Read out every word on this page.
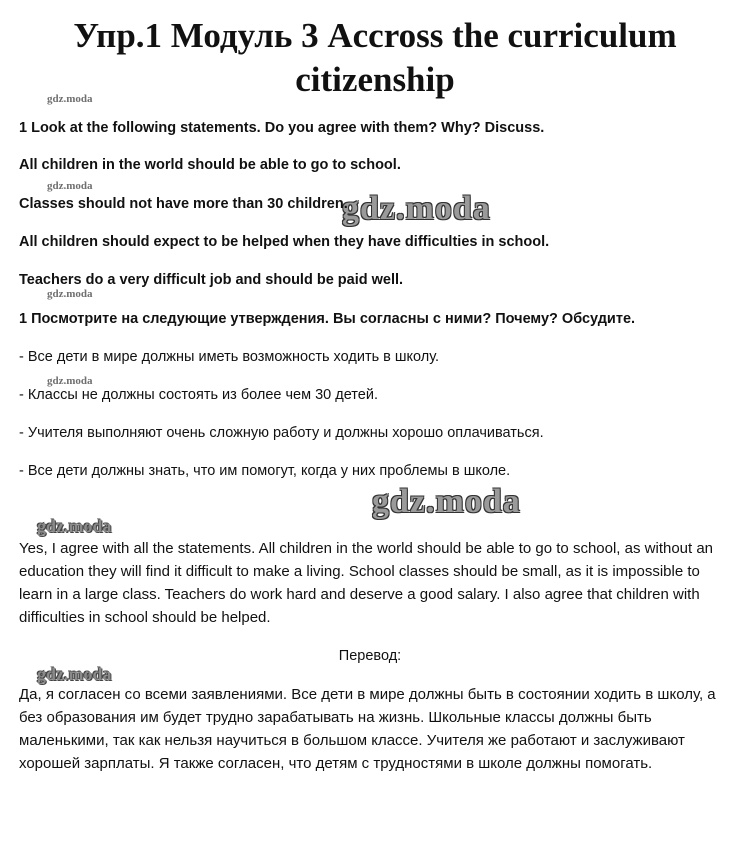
Упр.1 Модуль 3 Accross the curriculum citizenship
gdz.moda
gdz.moda
gdz.moda
gdz.moda
gdz.moda
gdz.moda
gdz.moda
gdz.moda

1 Look at the following statements. Do you agree with them? Why? Discuss.

All children in the world should be able to go to school.

Classes should not have more than 30 children.

All children should expect to be helped when they have difficulties in school.

Teachers do a very difficult job and should be paid well.

1 Посмотрите на следующие утверждения. Вы согласны с ними? Почему? Обсудите.

- Все дети в мире должны иметь возможность ходить в школу.

- Классы не должны состоять из более чем 30 детей.

- Учителя выполняют очень сложную работу и должны хорошо оплачиваться.

- Все дети должны знать, что им помогут, когда у них проблемы в школе.

Yes, I agree with all the statements. All children in the world should be able to go to school, as without an education they will find it difficult to make a living. School classes should be small, as it is impossible to learn in a large class. Teachers do work hard and deserve a good salary. I also agree that children with difficulties in school should be helped.

Перевод:

Да, я согласен со всеми заявлениями. Все дети в мире должны быть в состоянии ходить в школу, а без образования им будет трудно зарабатывать на жизнь. Школьные классы должны быть маленькими, так как нельзя научиться в большом классе. Учителя же работают и заслуживают хорошей зарплаты. Я также согласен, что детям с трудностями в школе должны помогать.
